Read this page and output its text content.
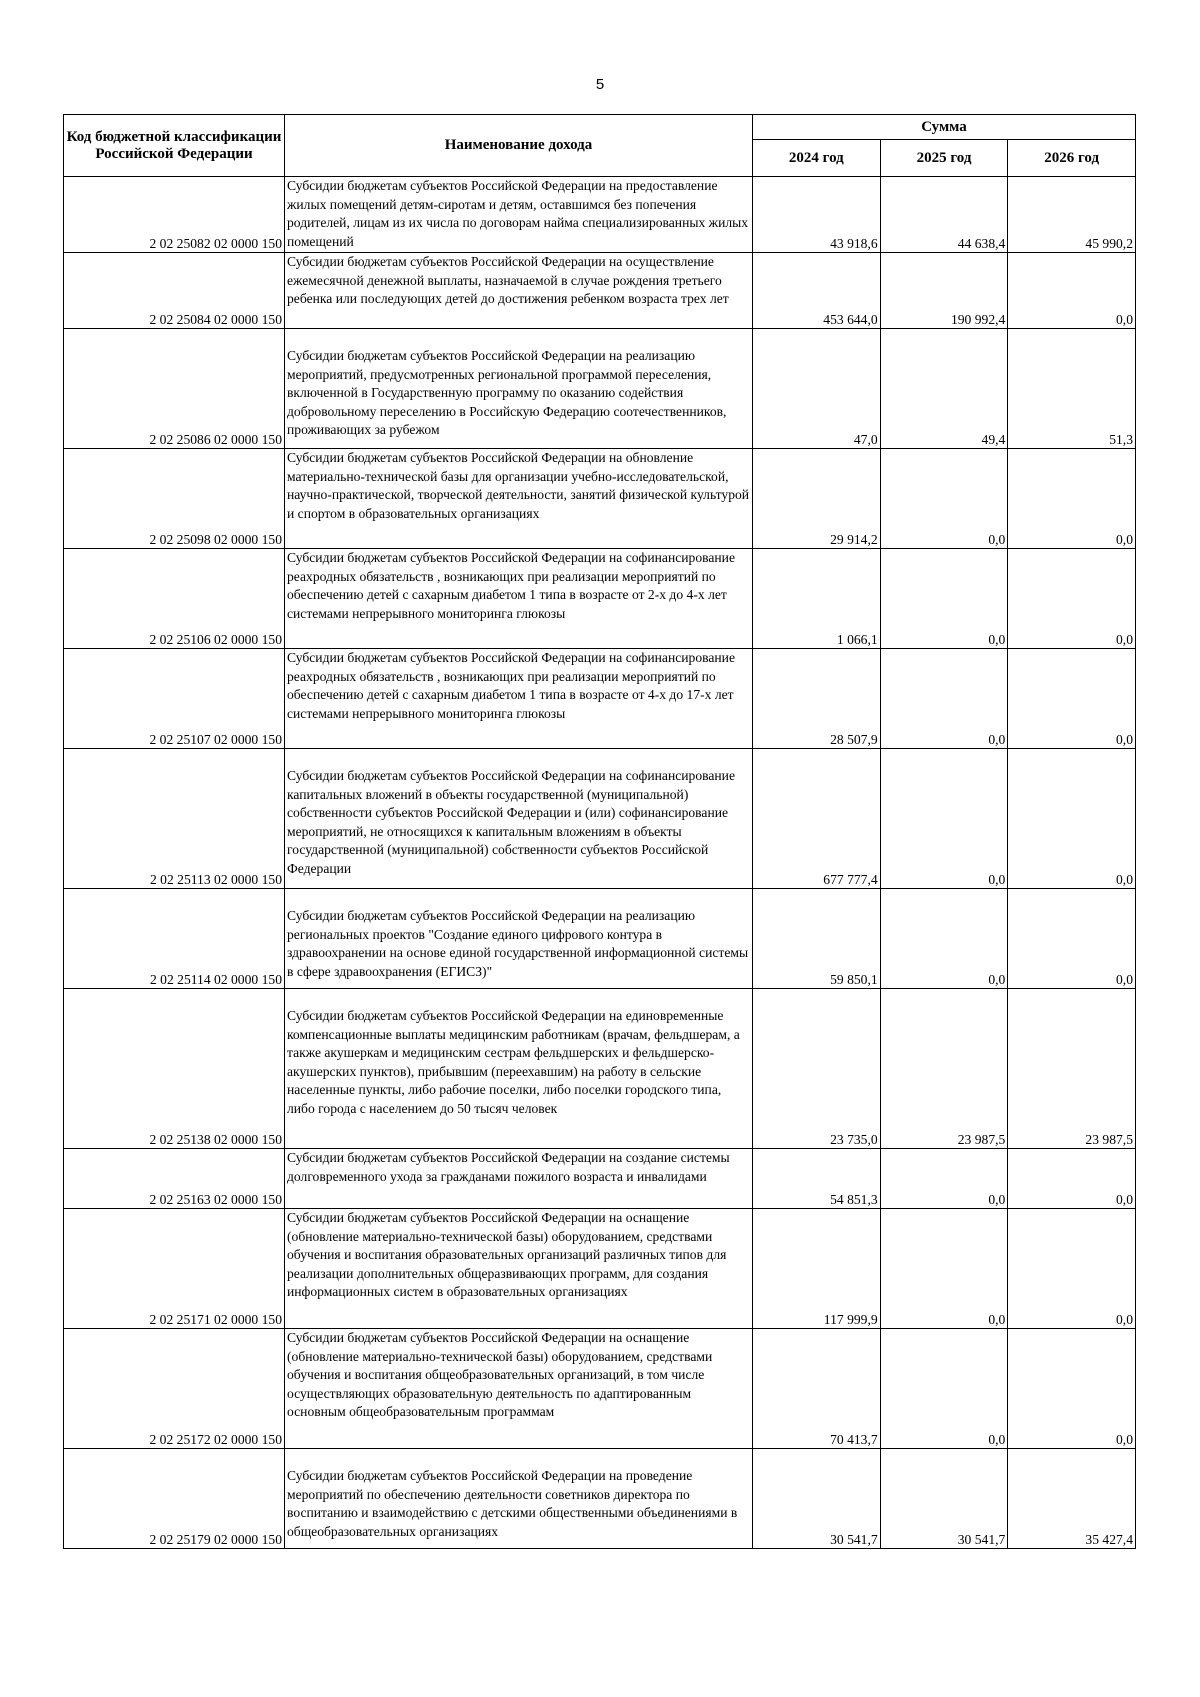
5
Код бюджетной классификации Российской Федерации	Наименование дохода	Сумма		
		2024 год	2025 год	2026 год
2 02 25082 02 0000 150	Субсидии бюджетам субъектов Российской Федерации на предоставление жилых помещений детям-сиротам и детям, оставшимся без попечения родителей, лицам из их числа по договорам найма специализированных жилых помещений	43 918,6	44 638,4	45 990,2
2 02 25084 02 0000 150	Субсидии бюджетам субъектов Российской Федерации на осуществление ежемесячной денежной выплаты, назначаемой в случае рождения третьего ребенка или последующих детей до достижения ребенком возраста трех лет	453 644,0	190 992,4	0,0
2 02 25086 02 0000 150	Субсидии бюджетам субъектов Российской Федерации на реализацию мероприятий, предусмотренных региональной программой переселения, включенной в Государственную программу по оказанию содействия добровольному переселению в Российскую Федерацию соотечественников, проживающих за рубежом	47,0	49,4	51,3
2 02 25098 02 0000 150	Субсидии бюджетам субъектов Российской Федерации на обновление материально-технической базы для организации учебно-исследовательской, научно-практической, творческой деятельности, занятий физической культурой и спортом в образовательных организациях	29 914,2	0,0	0,0
2 02 25106 02 0000 150	Субсидии бюджетам субъектов Российской Федерации на софинансирование реахродных обязательств , возникающих при реализации мероприятий по обеспечению детей с сахарным диабетом 1 типа в возрасте от 2-х до 4-х лет системами непрерывного мониторинга глюкозы	1 066,1	0,0	0,0
2 02 25107 02 0000 150	Субсидии бюджетам субъектов Российской Федерации на софинансирование реахродных обязательств , возникающих при реализации мероприятий по обеспечению детей с сахарным диабетом 1 типа в возрасте от 4-х до 17-х лет системами непрерывного мониторинга глюкозы	28 507,9	0,0	0,0
2 02 25113 02 0000 150	Субсидии бюджетам субъектов Российской Федерации на софинансирование капитальных вложений в объекты государственной (муниципальной) собственности субъектов Российской Федерации и (или) софинансирование мероприятий, не относящихся к капитальным вложениям в объекты государственной (муниципальной) собственности субъектов Российской Федерации	677 777,4	0,0	0,0
2 02 25114 02 0000 150	Субсидии бюджетам субъектов Российской Федерации на реализацию региональных проектов "Создание единого цифрового контура в здравоохранении на основе единой государственной информационной системы в сфере здравоохранения (ЕГИСЗ)"	59 850,1	0,0	0,0
2 02 25138 02 0000 150	Субсидии бюджетам субъектов Российской Федерации на единовременные компенсационные выплаты медицинским работникам (врачам, фельдшерам, а также акушеркам и медицинским сестрам фельдшерских и фельдшерско-акушерских пунктов), прибывшим (переехавшим) на работу в сельские населенные пункты, либо рабочие поселки, либо поселки городского типа, либо города с населением до 50 тысяч человек	23 735,0	23 987,5	23 987,5
2 02 25163 02 0000 150	Субсидии бюджетам субъектов Российской Федерации на создание системы долговременного ухода за гражданами пожилого возраста и инвалидами	54 851,3	0,0	0,0
2 02 25171 02 0000 150	Субсидии бюджетам субъектов Российской Федерации на оснащение (обновление материально-технической базы) оборудованием, средствами обучения и воспитания образовательных организаций различных типов для реализации дополнительных общеразвивающих программ, для создания информационных систем в образовательных организациях	117 999,9	0,0	0,0
2 02 25172 02 0000 150	Субсидии бюджетам субъектов Российской Федерации на оснащение (обновление материально-технической базы) оборудованием, средствами обучения и воспитания общеобразовательных организаций, в том числе осуществляющих образовательную деятельность по адаптированным основным общеобразовательным программам	70 413,7	0,0	0,0
2 02 25179 02 0000 150	Субсидии бюджетам субъектов Российской Федерации на проведение мероприятий по обеспечению деятельности советников директора по воспитанию и взаимодействию с детскими общественными объединениями в общеобразовательных организациях	30 541,7	30 541,7	35 427,4
